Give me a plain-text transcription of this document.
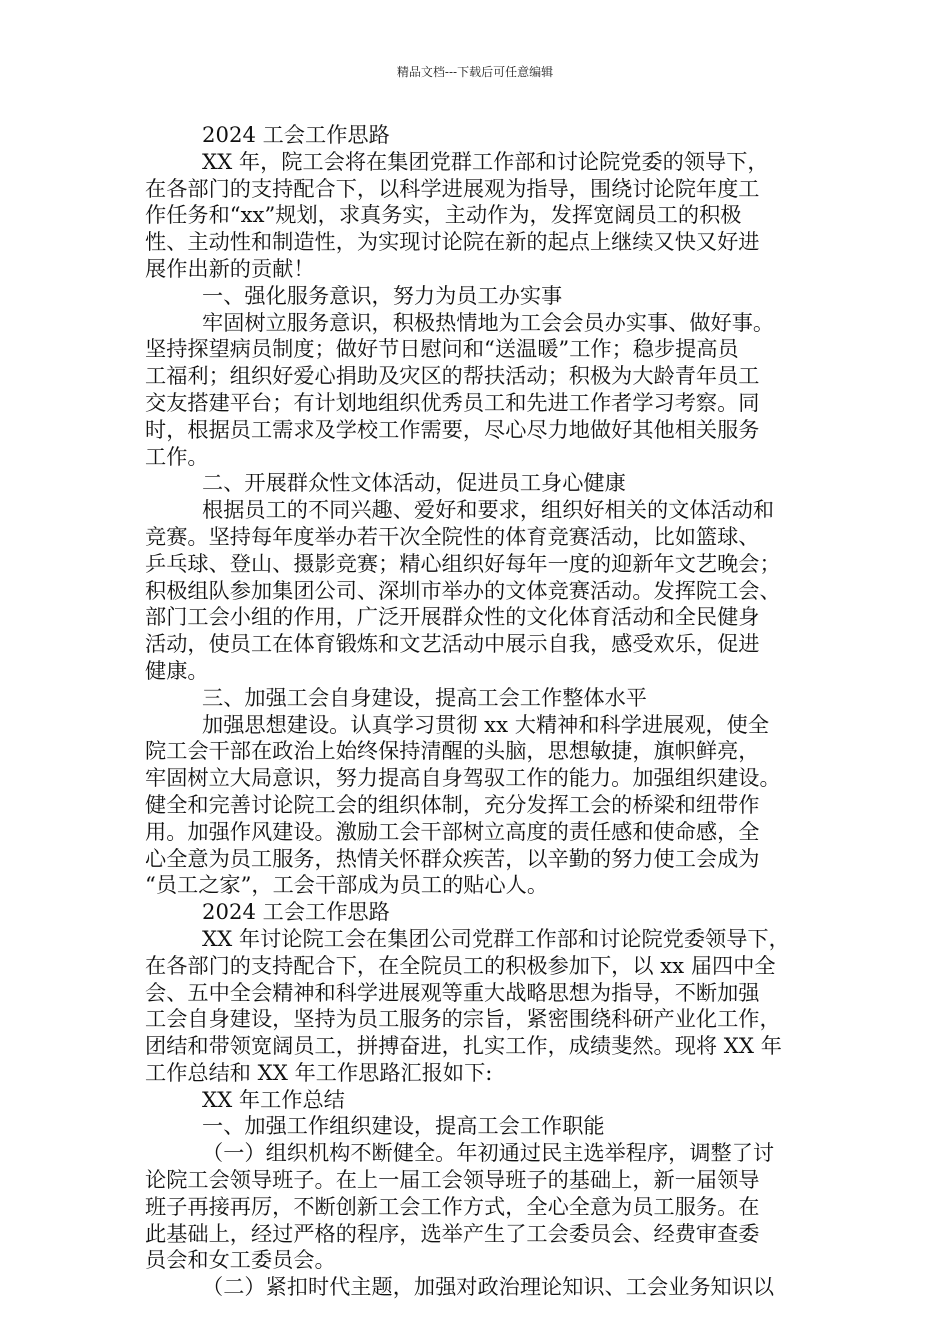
精品文档---下载后可任意编辑
2024 工会工作思路
XX 年，院工会将在集团党群工作部和讨论院党委的领导下，
在各部门的支持配合下，以科学进展观为指导，围绕讨论院年度工
作任务和“xx”规划，求真务实，主动作为，发挥宽阔员工的积极
性、主动性和制造性，为实现讨论院在新的起点上继续又快又好进
展作出新的贡献！
一、强化服务意识，努力为员工办实事
牢固树立服务意识，积极热情地为工会会员办实事、做好事。
坚持探望病员制度；做好节日慰问和“送温暖”工作；稳步提高员
工福利；组织好爱心捐助及灾区的帮扶活动；积极为大龄青年员工
交友搭建平台；有计划地组织优秀员工和先进工作者学习考察。同
时，根据员工需求及学校工作需要，尽心尽力地做好其他相关服务
工作。
二、开展群众性文体活动，促进员工身心健康
根据员工的不同兴趣、爱好和要求，组织好相关的文体活动和
竞赛。坚持每年度举办若干次全院性的体育竞赛活动，比如篮球、
乒乓球、登山、摄影竞赛；精心组织好每年一度的迎新年文艺晚会；
积极组队参加集团公司、深圳市举办的文体竞赛活动。发挥院工会、
部门工会小组的作用，广泛开展群众性的文化体育活动和全民健身
活动，使员工在体育锻炼和文艺活动中展示自我，感受欢乐，促进
健康。
三、加强工会自身建设，提高工会工作整体水平
加强思想建设。认真学习贯彻 xx 大精神和科学进展观，使全
院工会干部在政治上始终保持清醒的头脑，思想敏捷，旗帜鲜亮，
牢固树立大局意识，努力提高自身驾驭工作的能力。加强组织建设。
健全和完善讨论院工会的组织体制，充分发挥工会的桥梁和纽带作
用。加强作风建设。激励工会干部树立高度的责任感和使命感，全
心全意为员工服务，热情关怀群众疾苦，以辛勤的努力使工会成为
“员工之家”，工会干部成为员工的贴心人。
2024 工会工作思路
XX 年讨论院工会在集团公司党群工作部和讨论院党委领导下，
在各部门的支持配合下，在全院员工的积极参加下，以 xx 届四中全
会、五中全会精神和科学进展观等重大战略思想为指导，不断加强
工会自身建设，坚持为员工服务的宗旨，紧密围绕科研产业化工作，
团结和带领宽阔员工，拼搏奋进，扎实工作，成绩斐然。现将 XX 年
工作总结和 XX 年工作思路汇报如下:
XX 年工作总结
一、加强工作组织建设，提高工会工作职能
（一）组织机构不断健全。年初通过民主选举程序，调整了讨
论院工会领导班子。在上一届工会领导班子的基础上，新一届领导
班子再接再厉，不断创新工会工作方式，全心全意为员工服务。在
此基础上，经过严格的程序，选举产生了工会委员会、经费审查委
员会和女工委员会。
（二）紧扣时代主题，加强对政治理论知识、工会业务知识以
